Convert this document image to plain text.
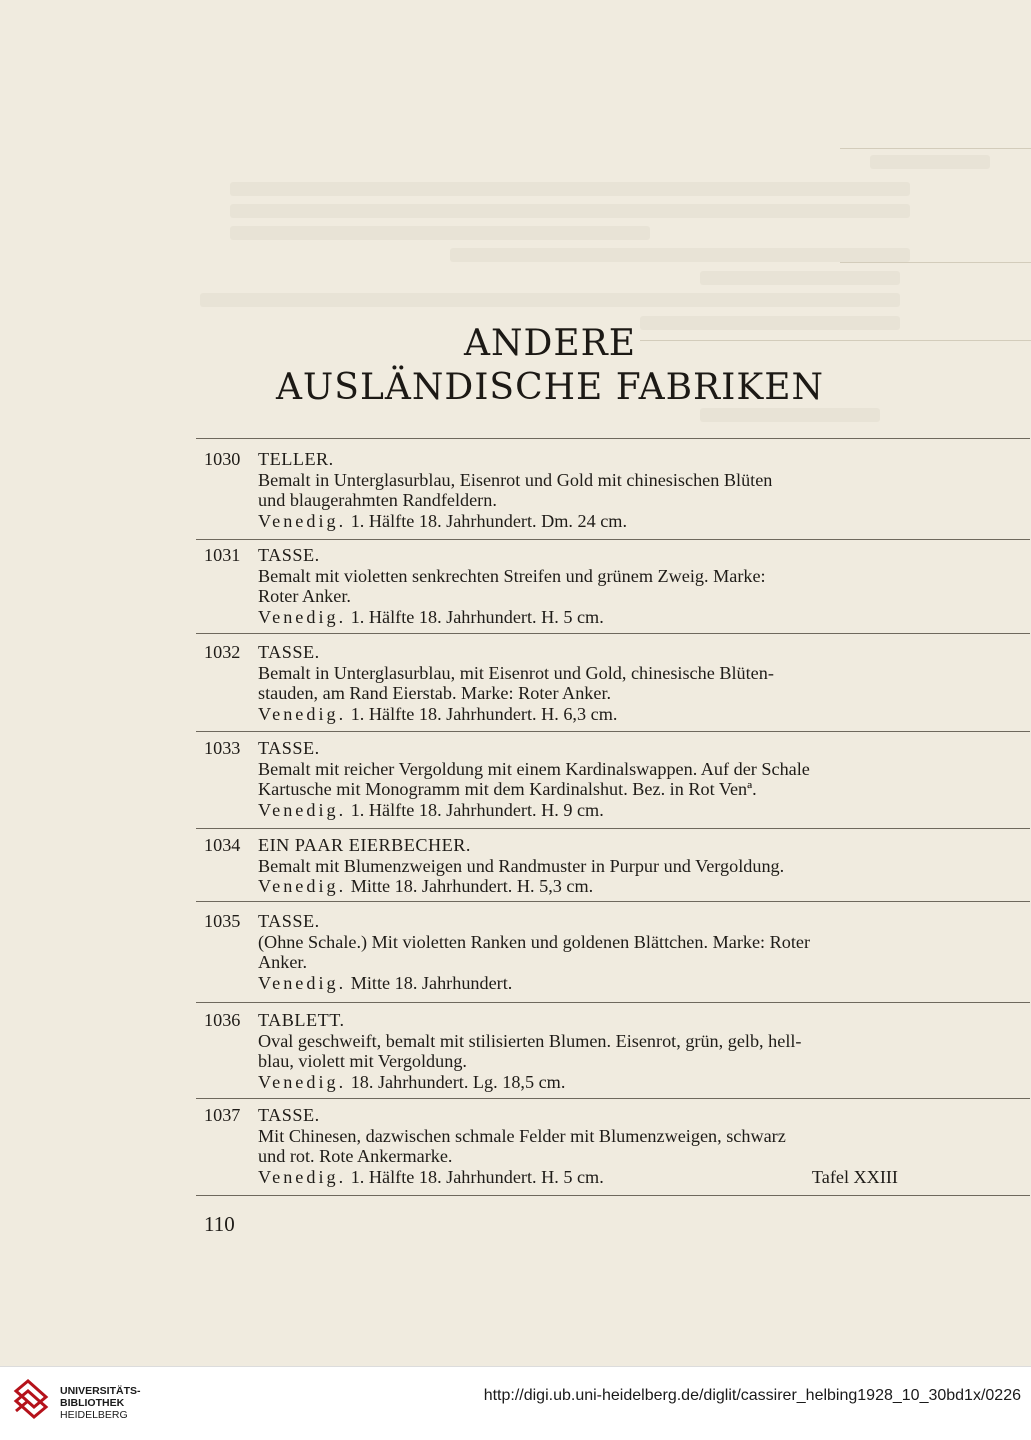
ANDERE
AUSLÄNDISCHE FABRIKEN
1030 TELLER.

Bemalt in Unterglasurblau, Eisenrot und Gold mit chinesischen Blüten

und blaugerahmten Randfeldern.

Venedig. 1. Hälfte 18. Jahrhundert. Dm. 24 cm.

1031 TASSE.

Bemalt mit violetten senkrechten Streifen und grünem Zweig. Marke:

Roter Anker.

Venedig. 1. Hälfte 18. Jahrhundert. H. 5 cm.

1032 TASSE.

Bemalt in Unterglasurblau, mit Eisenrot und Gold, chinesische Blüten-

stauden, am Rand Eierstab. Marke: Roter Anker.

Venedig. 1. Hälfte 18. Jahrhundert. H. 6,3 cm.

1033 TASSE.

Bemalt mit reicher Vergoldung mit einem Kardinalswappen. Auf der Schale

Kartusche mit Monogramm mit dem Kardinalshut. Bez. in Rot Venª.

Venedig. 1. Hälfte 18. Jahrhundert. H. 9 cm.

1034 EIN PAAR EIERBECHER.

Bemalt mit Blumenzweigen und Randmuster in Purpur und Vergoldung.

Venedig. Mitte 18. Jahrhundert. H. 5,3 cm.

1035 TASSE.

(Ohne Schale.) Mit violetten Ranken und goldenen Blättchen. Marke: Roter

Anker.

Venedig. Mitte 18. Jahrhundert.

1036 TABLETT.

Oval geschweift, bemalt mit stilisierten Blumen. Eisenrot, grün, gelb, hell-

blau, violett mit Vergoldung.

Venedig. 18. Jahrhundert. Lg. 18,5 cm.

1037 TASSE.

Mit Chinesen, dazwischen schmale Felder mit Blumenzweigen, schwarz

und rot. Rote Ankermarke.

Venedig. 1. Hälfte 18. Jahrhundert. H. 5 cm.	Tafel XXIII

110
UNIVERSITÄTS-
BIBLIOTHEK
HEIDELBERG
http://digi.ub.uni-heidelberg.de/diglit/cassirer_helbing1928_10_30bd1x/0226
